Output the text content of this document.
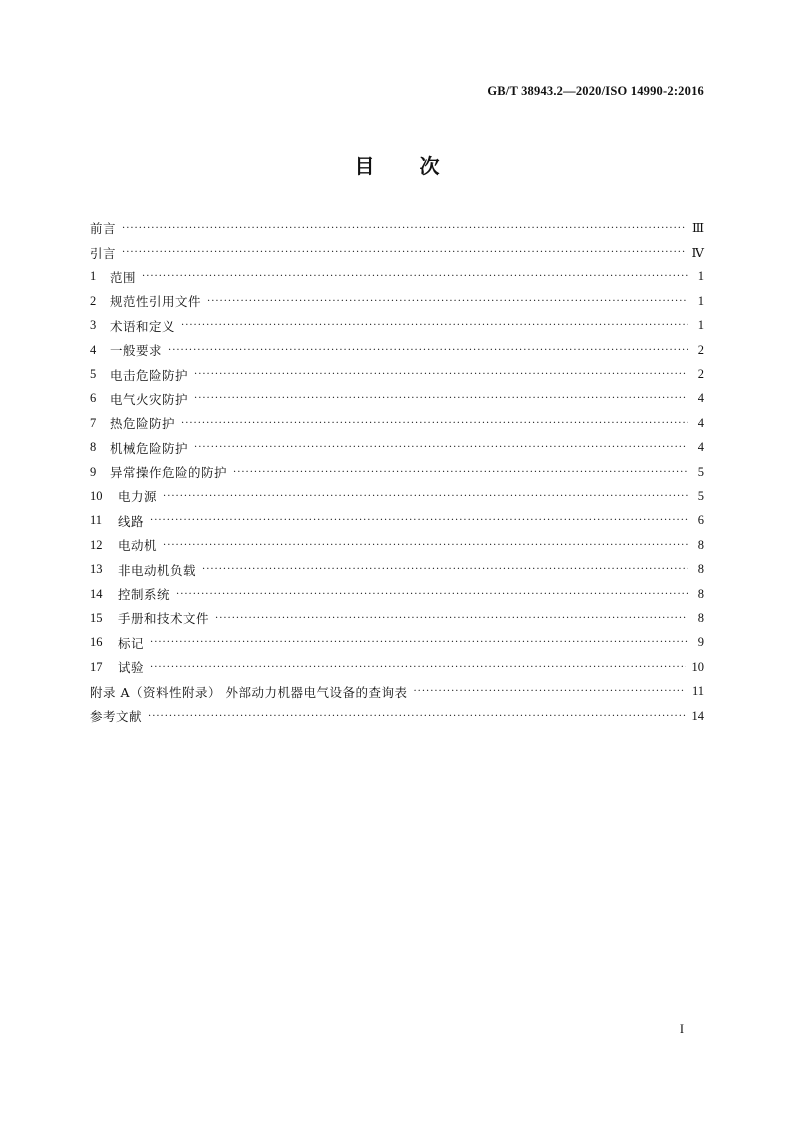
GB/T 38943.2—2020/ISO 14990-2:2016
目 次
前言 ·····	Ⅲ
引言 ·····	Ⅳ
1	范围 ·····	1
2	规范性引用文件 ·····	1
3	术语和定义 ·····	1
4	一般要求 ·····	2
5	电击危险防护 ·····	2
6	电气火灾防护 ·····	4
7	热危险防护 ·····	4
8	机械危险防护 ·····	4
9	异常操作危险的防护 ·····	5
10	电力源 ·····	5
11	线路 ·····	6
12	电动机 ·····	8
13	非电动机负载 ·····	8
14	控制系统 ·····	8
15	手册和技术文件 ·····	8
16	标记 ·····	9
17	试验 ·····	10
附录 A（资料性附录） 外部动力机器电气设备的查询表 ·····	11
参考文献 ·····	14
I
